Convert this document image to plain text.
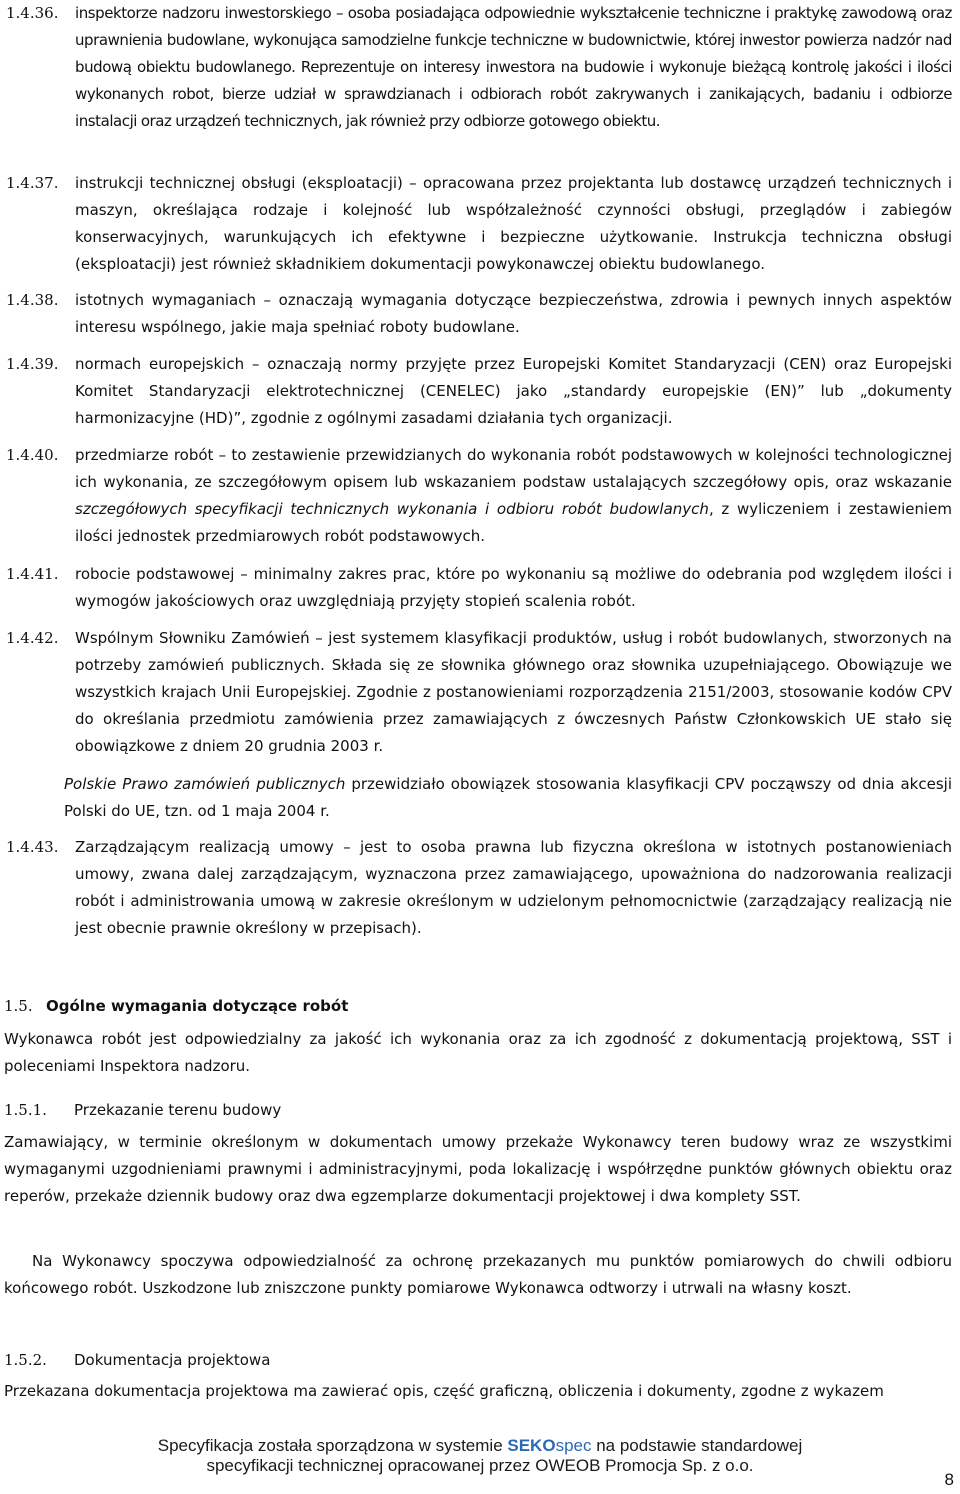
1.4.36. inspektorze nadzoru inwestorskiego – osoba posiadająca odpowiednie wykształcenie techniczne i praktykę zawodową oraz uprawnienia budowlane, wykonująca samodzielne funkcje techniczne w budownictwie, której inwestor powierza nadzór nad budową obiektu budowlanego. Reprezentuje on interesy inwestora na budowie i wykonuje bieżącą kontrolę jakości i ilości wykonanych robot, bierze udział w sprawdzianach i odbiorach robót zakrywanych i zanikających, badaniu i odbiorze instalacji oraz urządzeń technicznych, jak również przy odbiorze gotowego obiektu.

1.4.37. instrukcji technicznej obsługi (eksploatacji) – opracowana przez projektanta lub dostawcę urządzeń technicznych i maszyn, określająca rodzaje i kolejność lub współzależność czynności obsługi, przeglądów i zabiegów konserwacyjnych, warunkujących ich efektywne i bezpieczne użytkowanie. Instrukcja techniczna obsługi (eksploatacji) jest również składnikiem dokumentacji powykonawczej obiektu budowlanego.

1.4.38. istotnych wymaganiach – oznaczają wymagania dotyczące bezpieczeństwa, zdrowia i pewnych innych aspektów interesu wspólnego, jakie maja spełniać roboty budowlane.

1.4.39. normach europejskich – oznaczają normy przyjęte przez Europejski Komitet Standaryzacji (CEN) oraz Europejski Komitet Standaryzacji elektrotechnicznej (CENELEC) jako „standardy europejskie (EN)” lub „dokumenty harmonizacyjne (HD)”, zgodnie z ogólnymi zasadami działania tych organizacji.

1.4.40. przedmiarze robót – to zestawienie przewidzianych do wykonania robót podstawowych w kolejności technologicznej ich wykonania, ze szczegółowym opisem lub wskazaniem podstaw ustalających szczegółowy opis, oraz wskazanie szczegółowych specyfikacji technicznych wykonania i odbioru robót budowlanych, z wyliczeniem i zestawieniem ilości jednostek przedmiarowych robót podstawowych.

1.4.41. robocie podstawowej – minimalny zakres prac, które po wykonaniu są możliwe do odebrania pod względem ilości i wymogów jakościowych oraz uwzględniają przyjęty stopień scalenia robót.

1.4.42. Wspólnym Słowniku Zamówień – jest systemem klasyfikacji produktów, usług i robót budowlanych, stworzonych na potrzeby zamówień publicznych. Składa się ze słownika głównego oraz słownika uzupełniającego. Obowiązuje we wszystkich krajach Unii Europejskiej. Zgodnie z postanowieniami rozporządzenia 2151/2003, stosowanie kodów CPV do określania przedmiotu zamówienia przez zamawiających z ówczesnych Państw Członkowskich UE stało się obowiązkowe z dniem 20 grudnia 2003 r.

Polskie Prawo zamówień publicznych przewidziało obowiązek stosowania klasyfikacji CPV począwszy od dnia akcesji Polski do UE, tzn. od 1 maja 2004 r.

1.4.43. Zarządzającym realizacją umowy – jest to osoba prawna lub fizyczna określona w istotnych postanowieniach umowy, zwana dalej zarządzającym, wyznaczona przez zamawiającego, upoważniona do nadzorowania realizacji robót i administrowania umową w zakresie określonym w udzielonym pełnomocnictwie (zarządzający realizacją nie jest obecnie prawnie określony w przepisach).

1.5. Ogólne wymagania dotyczące robót

Wykonawca robót jest odpowiedzialny za jakość ich wykonania oraz za ich zgodność z dokumentacją projektową, SST i poleceniami Inspektora nadzoru.

1.5.1. Przekazanie terenu budowy

Zamawiający, w terminie określonym w dokumentach umowy przekaże Wykonawcy teren budowy wraz ze wszystkimi wymaganymi uzgodnieniami prawnymi i administracyjnymi, poda lokalizację i współrzędne punktów głównych obiektu oraz reperów, przekaże dziennik budowy oraz dwa egzemplarze dokumentacji projektowej i dwa komplety SST.

Na Wykonawcy spoczywa odpowiedzialność za ochronę przekazanych mu punktów pomiarowych do chwili odbioru końcowego robót. Uszkodzone lub zniszczone punkty pomiarowe Wykonawca odtworzy i utrwali na własny koszt.

1.5.2. Dokumentacja projektowa

Przekazana dokumentacja projektowa ma zawierać opis, część graficzną, obliczenia i dokumenty, zgodne z wykazem

Specyfikacja została sporządzona w systemie SEKOspec na podstawie standardowej
specyfikacji technicznej opracowanej przez OWEOB Promocja Sp. z o.o.
8
